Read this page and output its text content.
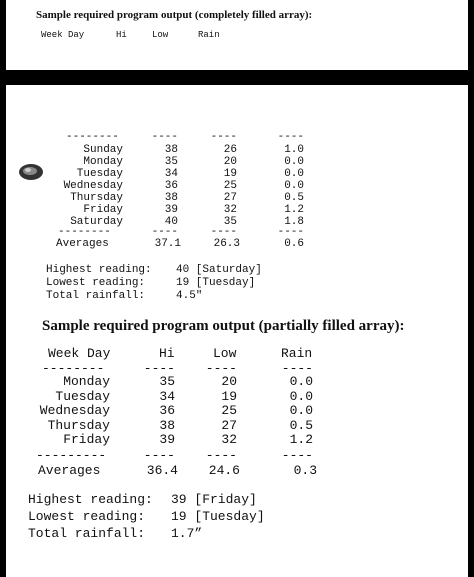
Sample required program output (completely filled array):
Week Day	Hi	Low	Rain
--------	----	----	----
Sunday	38	26	1.0
Monday	35	20	0.0
Tuesday	34	19	0.0
Wednesday	36	25	0.0
Thursday	38	27	0.5
Friday	39	32	1.2
Saturday	40	35	1.8
--------	----	----	----
Averages	37.1	26.3	0.6
Highest reading: 40 [Saturday]
Lowest reading:	19 [Tuesday]
Total rainfall:	4.5"
Sample required program output (partially filled array):
Week Day	Hi	Low	Rain
--------	---- ----	----
Monday	35	20	0.0
Tuesday	34	19	0.0
Wednesday	36	25	0.0
Thursday	38	27	0.5
Friday	39	32	1.2
---------	---- ----	----
Averages	36.4 24.6	0.3
Highest reading: 39 [Friday]
Lowest reading: 19 [Tuesday]
Total rainfall: 1.7”
